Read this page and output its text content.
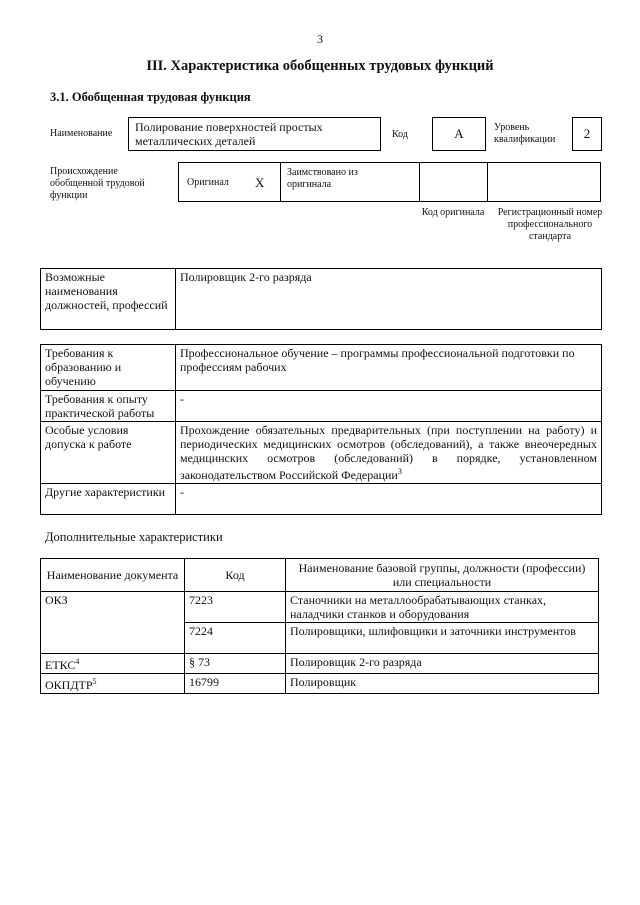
3
III. Характеристика обобщенных трудовых функций
3.1. Обобщенная трудовая функция
Наименование	Полирование поверхностей простых металлических деталей	Код	A	Уровень квалификации	2
Происхождение обобщенной трудовой функции
Оригинал X
Заимствовано из оригинала
Код оригинала	Регистрационный номер профессионального стандарта
Возможные наименования должностей, профессий	Полировщик 2-го разряда
Требования к образованию и обучению	Профессиональное обучение – программы профессиональной подготовки по профессиям рабочих
Требования к опыту практической работы	-
Особые условия допуска к работе	Прохождение обязательных предварительных (при поступлении на работу) и периодических медицинских осмотров (обследований), а также внеочередных медицинских осмотров (обследований) в порядке, установленном законодательством Российской Федерации$^3$
Другие характеристики	-
Дополнительные характеристики
Наименование документа	Код	Наименование базовой группы, должности (профессии) или специальности
ОКЗ	7223	Станочники на металлообрабатывающих станках, наладчики станков и оборудования
	7224	Полировщики, шлифовщики и заточники инструментов
ЕТКС$^4$	§ 73	Полировщик 2-го разряда
ОКПДТР$^5$	16799	Полировщик
